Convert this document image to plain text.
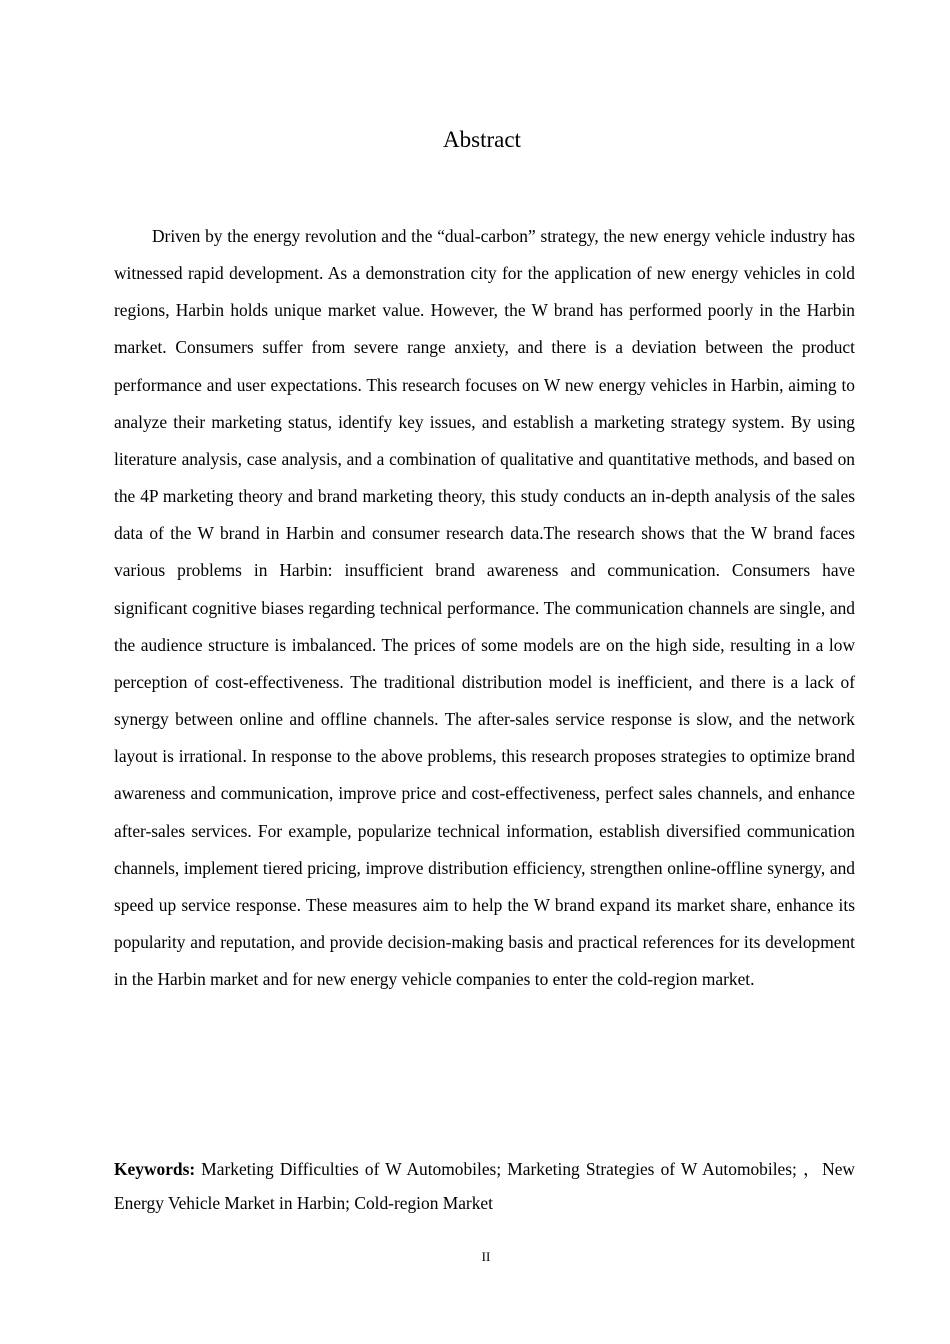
Abstract

Driven by the energy revolution and the “dual-carbon” strategy, the new energy vehicle industry has witnessed rapid development. As a demonstration city for the application of new energy vehicles in cold regions, Harbin holds unique market value. However, the W brand has performed poorly in the Harbin market. Consumers suffer from severe range anxiety, and there is a deviation between the product performance and user expectations. This research focuses on W new energy vehicles in Harbin, aiming to analyze their marketing status, identify key issues, and establish a marketing strategy system. By using literature analysis, case analysis, and a combination of qualitative and quantitative methods, and based on the 4P marketing theory and brand marketing theory, this study conducts an in-depth analysis of the sales data of the W brand in Harbin and consumer research data.The research shows that the W brand faces various problems in Harbin: insufficient brand awareness and communication. Consumers have significant cognitive biases regarding technical performance. The communication channels are single, and the audience structure is imbalanced. The prices of some models are on the high side, resulting in a low perception of cost-effectiveness. The traditional distribution model is inefficient, and there is a lack of synergy between online and offline channels. The after-sales service response is slow, and the network layout is irrational. In response to the above problems, this research proposes strategies to optimize brand awareness and communication, improve price and cost-effectiveness, perfect sales channels, and enhance after-sales services. For example, popularize technical information, establish diversified communication channels, implement tiered pricing, improve distribution efficiency, strengthen online-offline synergy, and speed up service response. These measures aim to help the W brand expand its market share, enhance its popularity and reputation, and provide decision-making basis and practical references for its development in the Harbin market and for new energy vehicle companies to enter the cold-region market.

Keywords: Marketing Difficulties of W Automobiles; Marketing Strategies of W Automobiles; ，New Energy Vehicle Market in Harbin; Cold-region Market

II
